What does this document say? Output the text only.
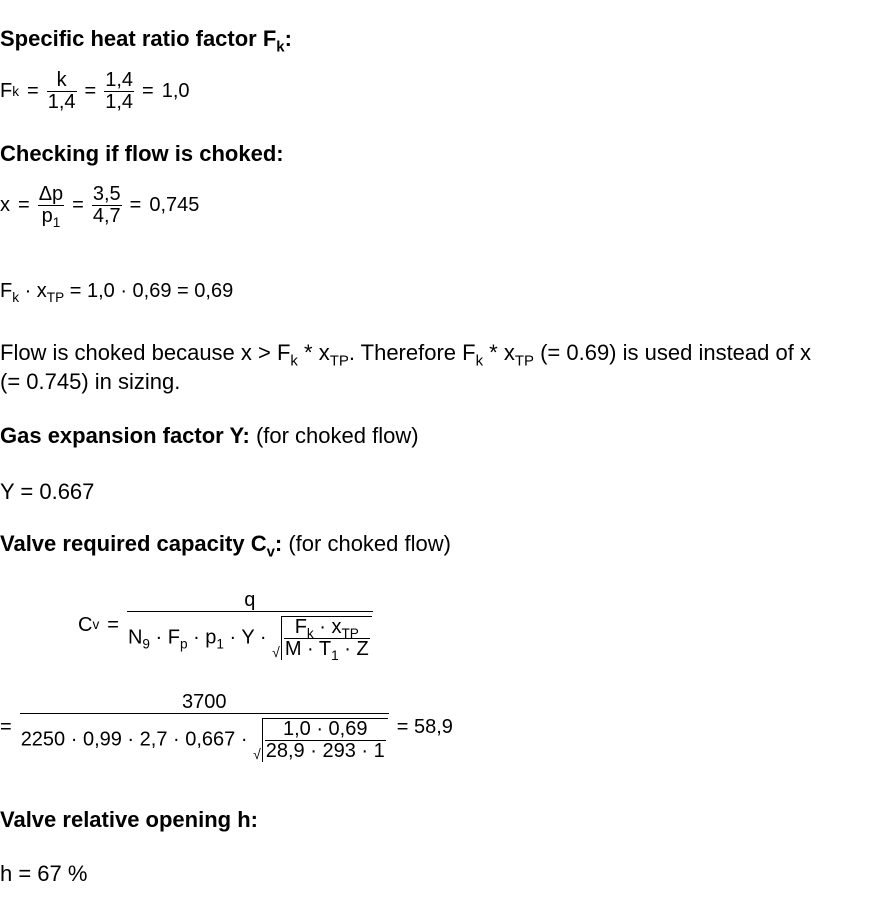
Specific heat ratio factor $F_k$:
F $k = \frac{k}{1,4} = \frac{1,4}{1,4} = 1,0$
Checking if flow is choked:
$x = \frac{\Delta p}{p_1} = \frac{3,5}{4,7} = 0,745$
$F_k \cdot x_{TP} = 1,0 \cdot 0,69 = 0,69$
Flow is choked because $x > F_k * x_{TP}$. Therefore $F_k * x_{TP}$ (= 0.69) is used instead of x
(= 0.745) in sizing.
Gas expansion factor Y: (for choked flow)
Y = 0.667
Valve required capacity $C_v$: (for choked flow)
C v =
q
$N_9 \cdot F_p \cdot p_1 \cdot Y$ ·
√ $\frac{F_k \cdot x_{TP}}{M \cdot T_1 \cdot Z}$
=
3700
2250 · 0,99 · 2,7 · 0,667 ·
√ $\frac{1,0 \cdot 0,69}{28,9 \cdot 293 \cdot 1} = 58,9$
Valve relative opening h:
h = 67 %
